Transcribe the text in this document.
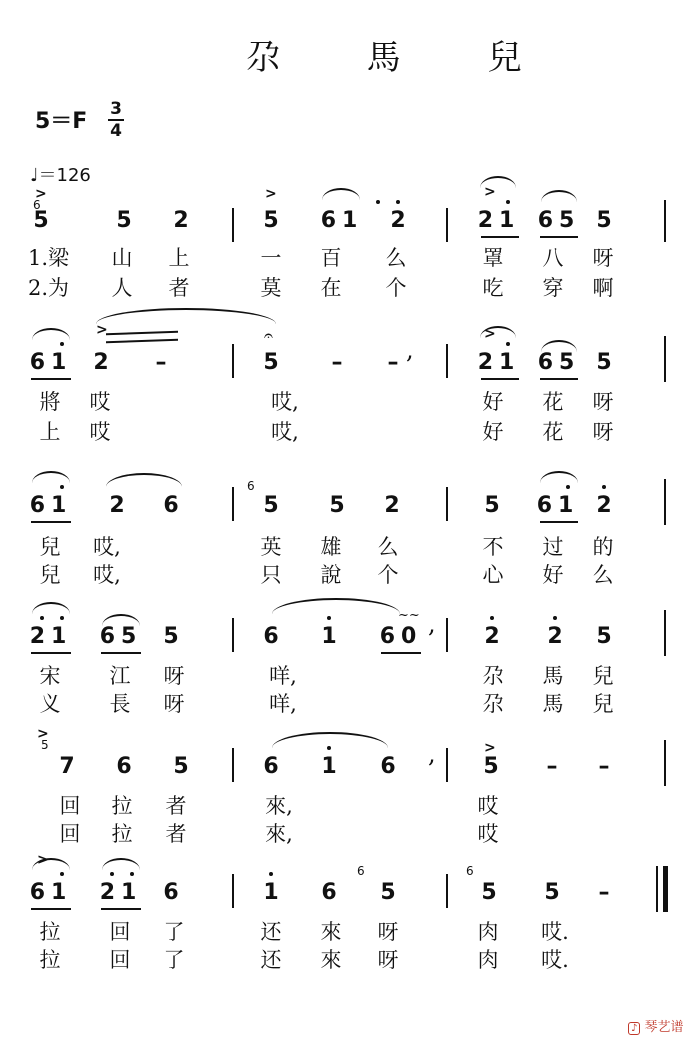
尕 馬 兒
5＝F 3
4
♩＝126
5	5	2	5	61	2	21 65 5
>	>	>
6
1.梁	山	上	一	百	么	罩	八	呀
2.为	人	者	莫	在	个	吃	穿	啊
61 2	–	5	–	– ,	21 65 5
𝄐
>	>
將	哎	哎,	好	花	呀
上	哎	哎,	好	花	呀
61	2	6	5	5	2	5	61 2
6
兒	哎,	英	雄	么	不	过	的
兒	哎,	只	說	个	心	好	么
21 65 5	6	1	60 ,	2	2	5
~~
宋	江	呀	咩,	尕	馬	兒
义	長	呀	咩,	尕	馬	兒
7	6	5	6	1	6	,	5	–	–
>
>
5
回	拉	者	來,	哎
回	拉	者	來,	哎
61 21 6	1	6	5	5	5	–
>
6	6
拉	回	了	还	來	呀	肉	哎.
拉	回	了	还	來	呀	肉	哎.
♪ 琴艺谱
